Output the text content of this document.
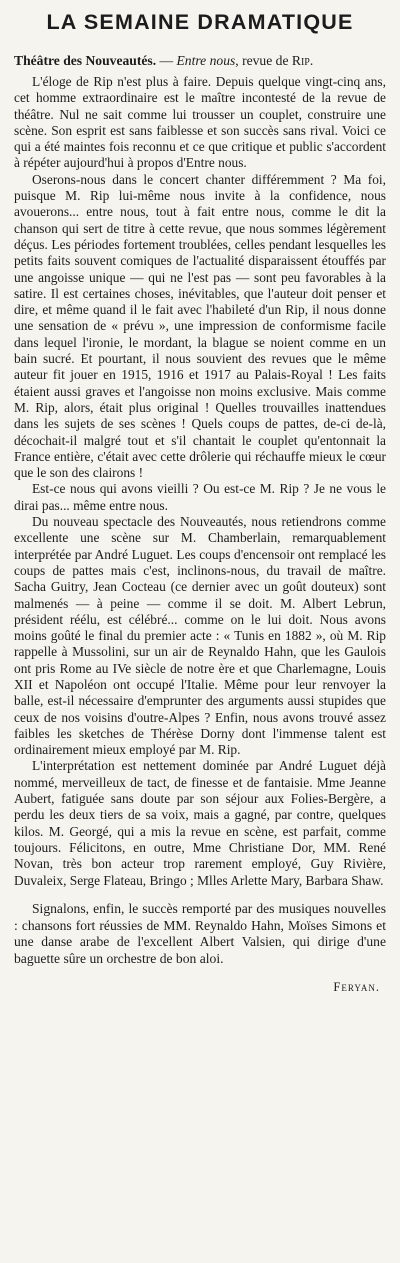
LA SEMAINE DRAMATIQUE
Théâtre des Nouveautés. — Entre nous, revue de Rip.

L'éloge de Rip n'est plus à faire. Depuis quelque vingt-cinq ans, cet homme extraordinaire est le maître incontesté de la revue de théâtre. Nul ne sait comme lui trousser un couplet, construire une scène. Son esprit est sans faiblesse et son succès sans rival. Voici ce qui a été maintes fois reconnu et ce que critique et public s'accordent à répéter aujourd'hui à propos d'Entre nous.

Oserons-nous dans le concert chanter différemment ? Ma foi, puisque M. Rip lui-même nous invite à la confidence, nous avouerons... entre nous, tout à fait entre nous, comme le dit la chanson qui sert de titre à cette revue, que nous sommes légèrement déçus. Les périodes fortement troublées, celles pendant lesquelles les petits faits souvent comiques de l'actualité disparaissent étouffés par une angoisse unique — qui ne l'est pas — sont peu favorables à la satire. Il est certaines choses, inévitables, que l'auteur doit penser et dire, et même quand il le fait avec l'habileté d'un Rip, il nous donne une sensation de « prévu », une impression de conformisme facile dans lequel l'ironie, le mordant, la blague se noient comme en un bain sucré. Et pourtant, il nous souvient des revues que le même auteur fit jouer en 1915, 1916 et 1917 au Palais-Royal ! Les faits étaient aussi graves et l'angoisse non moins exclusive. Mais comme M. Rip, alors, était plus original ! Quelles trouvailles inattendues dans les sujets de ses scènes ! Quels coups de pattes, de-ci de-là, décochait-il malgré tout et s'il chantait le couplet qu'entonnait la France entière, c'était avec cette drôlerie qui réchauffe mieux le cœur que le son des clairons !

Est-ce nous qui avons vieilli ? Ou est-ce M. Rip ? Je ne vous le dirai pas... même entre nous.

Du nouveau spectacle des Nouveautés, nous retiendrons comme excellente une scène sur M. Chamberlain, remarquablement interprétée par André Luguet. Les coups d'encensoir ont remplacé les coups de pattes mais c'est, inclinons-nous, du travail de maître. Sacha Guitry, Jean Cocteau (ce dernier avec un goût douteux) sont malmenés — à peine — comme il se doit. M. Albert Lebrun, président réélu, est célébré... comme on le lui doit. Nous avons moins goûté le final du premier acte : « Tunis en 1882 », où M. Rip rappelle à Mussolini, sur un air de Reynaldo Hahn, que les Gaulois ont pris Rome au IVe siècle de notre ère et que Charlemagne, Louis XII et Napoléon ont occupé l'Italie. Même pour leur renvoyer la balle, est-il nécessaire d'emprunter des arguments aussi stupides que ceux de nos voisins d'outre-Alpes ? Enfin, nous avons trouvé assez faibles les sketches de Thérèse Dorny dont l'immense talent est ordinairement mieux employé par M. Rip.

L'interprétation est nettement dominée par André Luguet déjà nommé, merveilleux de tact, de finesse et de fantaisie. Mme Jeanne Aubert, fatiguée sans doute par son séjour aux Folies-Bergère, a perdu les deux tiers de sa voix, mais a gagné, par contre, quelques kilos. M. Georgé, qui a mis la revue en scène, est parfait, comme toujours. Félicitons, en outre, Mme Christiane Dor, MM. René Novan, très bon acteur trop rarement employé, Guy Rivière, Duvaleix, Serge Flateau, Bringo ; Mlles Arlette Mary, Barbara Shaw.

Signalons, enfin, le succès remporté par des musiques nouvelles : chansons fort réussies de MM. Reynaldo Hahn, Moïses Simons et une danse arabe de l'excellent Albert Valsien, qui dirige d'une baguette sûre un orchestre de bon aloi.

Feryan.
